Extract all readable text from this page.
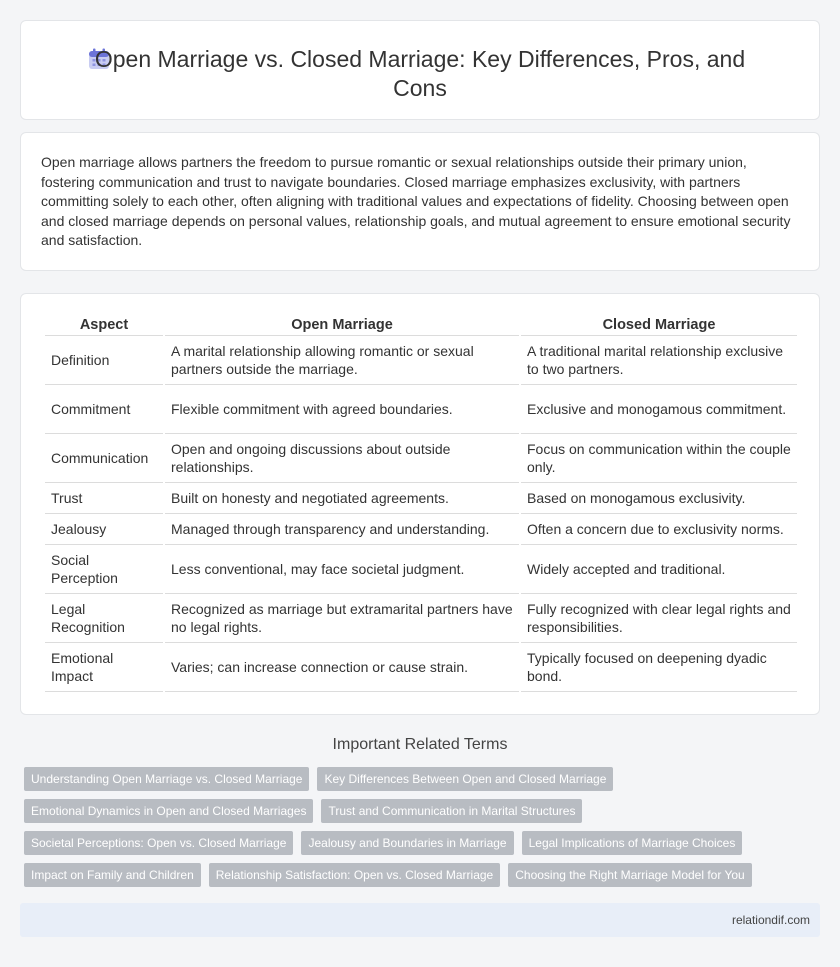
Open Marriage vs. Closed Marriage: Key Differences, Pros, and Cons

Open marriage allows partners the freedom to pursue romantic or sexual relationships outside their primary union, fostering communication and trust to navigate boundaries. Closed marriage emphasizes exclusivity, with partners committing solely to each other, often aligning with traditional values and expectations of fidelity. Choosing between open and closed marriage depends on personal values, relationship goals, and mutual agreement to ensure emotional security and satisfaction.

Aspect	Open Marriage	Closed Marriage
Definition	A marital relationship allowing romantic or sexual partners outside the marriage.	A traditional marital relationship exclusive to two partners.
Commitment	Flexible commitment with agreed boundaries.	Exclusive and monogamous commitment.
Communication	Open and ongoing discussions about outside relationships.	Focus on communication within the couple only.
Trust	Built on honesty and negotiated agreements.	Based on monogamous exclusivity.
Jealousy	Managed through transparency and understanding.	Often a concern due to exclusivity norms.
Social Perception	Less conventional, may face societal judgment.	Widely accepted and traditional.
Legal Recognition	Recognized as marriage but extramarital partners have no legal rights.	Fully recognized with clear legal rights and responsibilities.
Emotional Impact	Varies; can increase connection or cause strain.	Typically focused on deepening dyadic bond.
Important Related Terms
Understanding Open Marriage vs. Closed Marriage	Key Differences Between Open and Closed Marriage
Emotional Dynamics in Open and Closed Marriages	Trust and Communication in Marital Structures
Societal Perceptions: Open vs. Closed Marriage	Jealousy and Boundaries in Marriage	Legal Implications of Marriage Choices
Impact on Family and Children	Relationship Satisfaction: Open vs. Closed Marriage	Choosing the Right Marriage Model for You
relationdif.com
